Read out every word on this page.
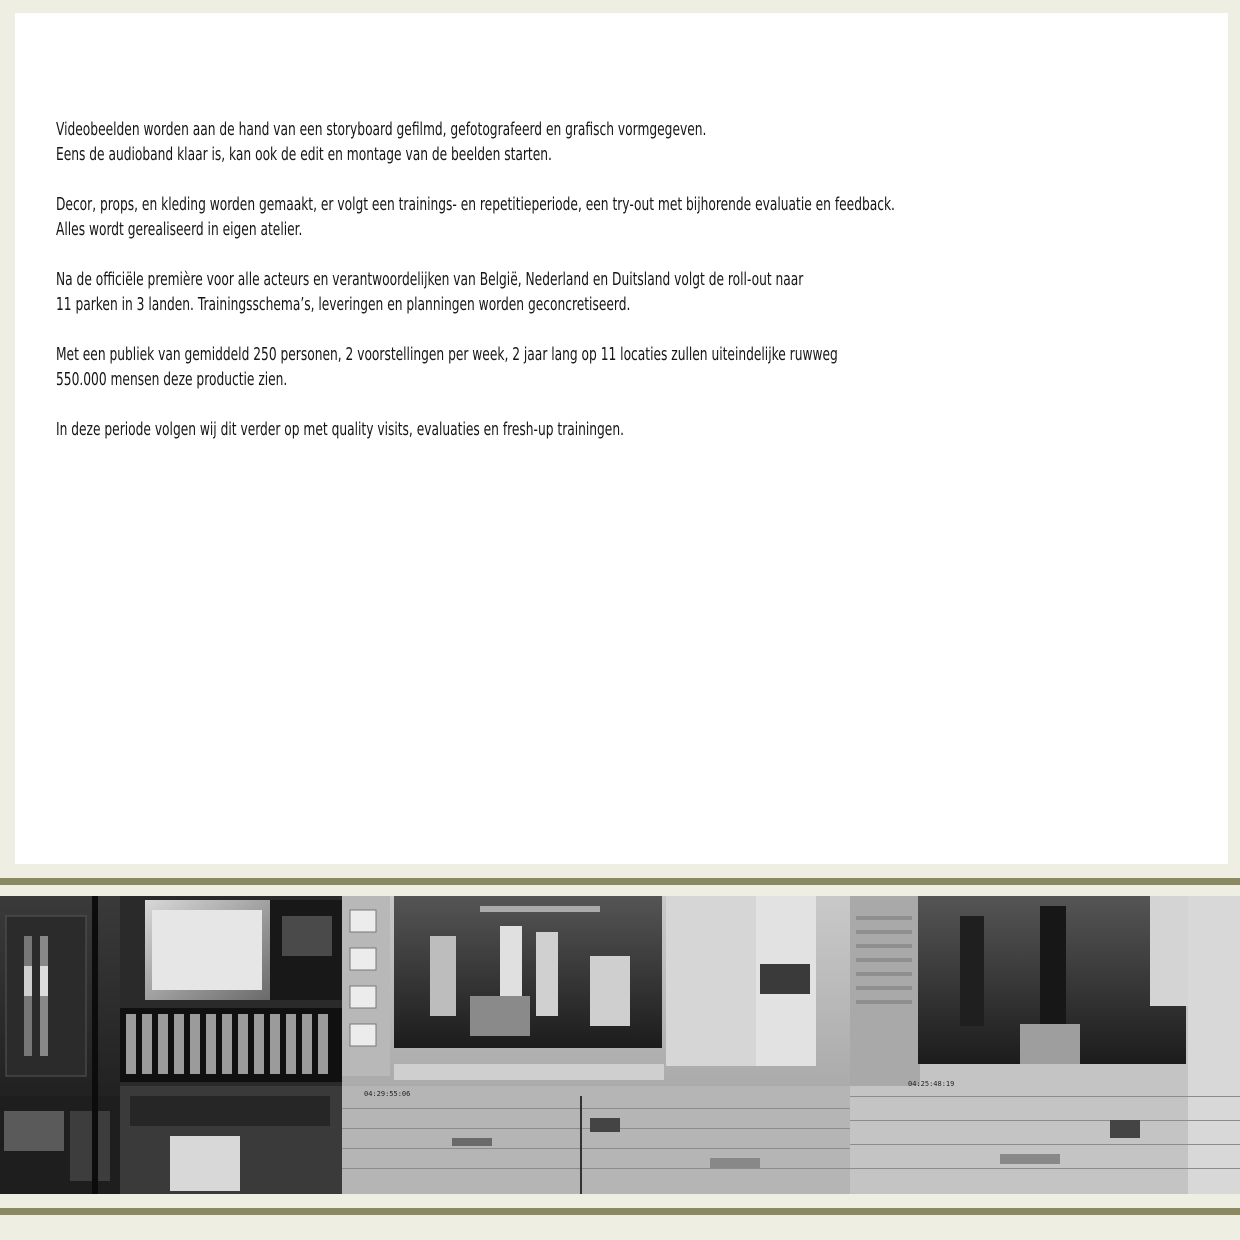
Videobeelden worden aan de hand van een storyboard gefilmd, gefotografeerd en grafisch vormgegeven.
Eens de audioband klaar is, kan ook de edit en montage van de beelden starten.

Decor, props, en kleding worden gemaakt, er volgt een trainings- en repetitieperiode, een try-out met bijhorende evaluatie en feedback.
Alles wordt gerealiseerd in eigen atelier.

Na de officiële première voor alle acteurs en verantwoordelijken van België, Nederland en Duitsland volgt de roll-out naar
11 parken in 3 landen. Trainingsschema’s, leveringen en planningen worden geconcretiseerd.

Met een publiek van gemiddeld 250 personen, 2 voorstellingen per week, 2 jaar lang op 11 locaties zullen uiteindelijke ruwweg
550.000 mensen deze productie zien.

In deze periode volgen wij dit verder op met quality visits, evaluaties en fresh-up trainingen.

04:29:55:06
04:25:48:19
